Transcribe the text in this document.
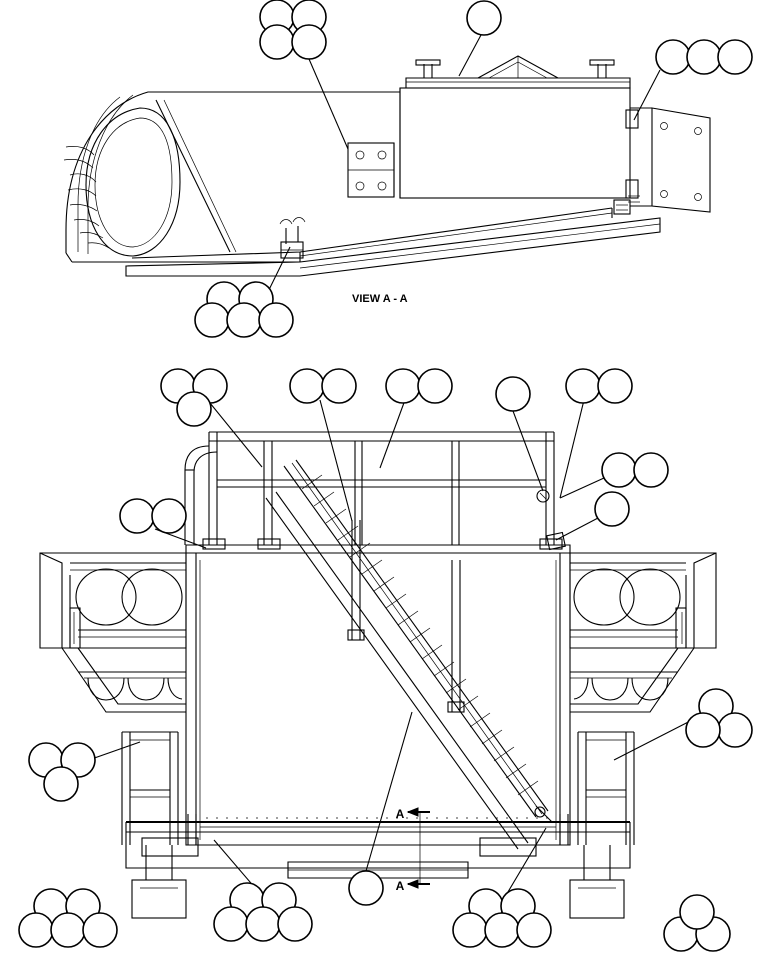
A
A
VIEW A - A
